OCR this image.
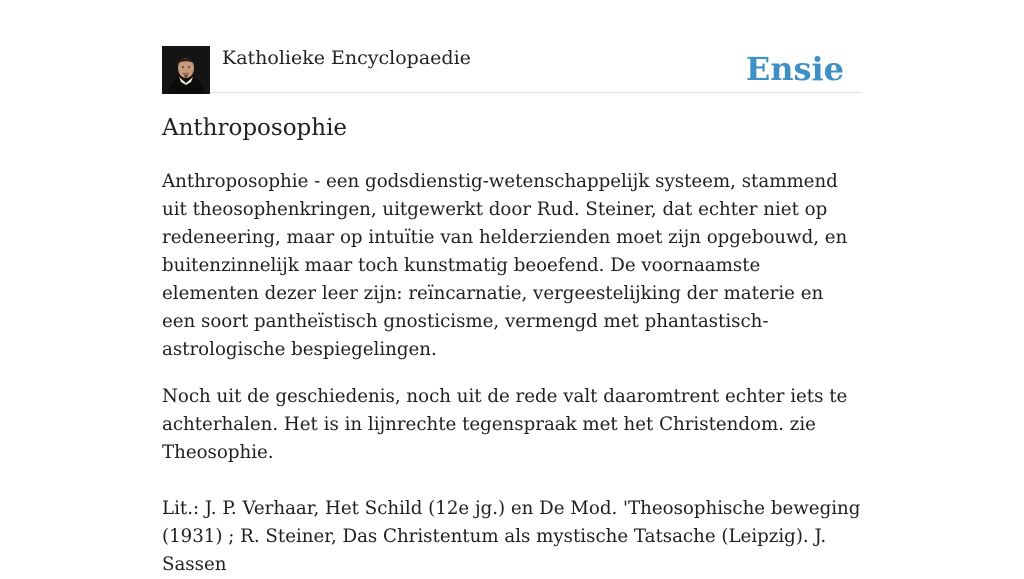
Katholieke Encyclopaedie	Ensie
Anthroposophie

Anthroposophie - een godsdienstig-wetenschappelijk systeem, stammend uit theosophenkringen, uitgewerkt door Rud. Steiner, dat echter niet op redeneering, maar op intuïtie van helderzienden moet zijn opgebouwd, en buitenzinnelijk maar toch kunstmatig beoefend. De voornaamste elementen dezer leer zijn: reïncarnatie, vergeestelijking der materie en een soort pantheïstisch gnosticisme, vermengd met phantastisch-astrologische bespiegelingen.

Noch uit de geschiedenis, noch uit de rede valt daaromtrent echter iets te achterhalen. Het is in lijnrechte tegenspraak met het Christendom. zie Theosophie.

Lit.: J. P. Verhaar, Het Schild (12e jg.) en De Mod. 'Theosophische beweging (1931) ; R. Steiner, Das Christentum als mystische Tatsache (Leipzig). J. Sassen
